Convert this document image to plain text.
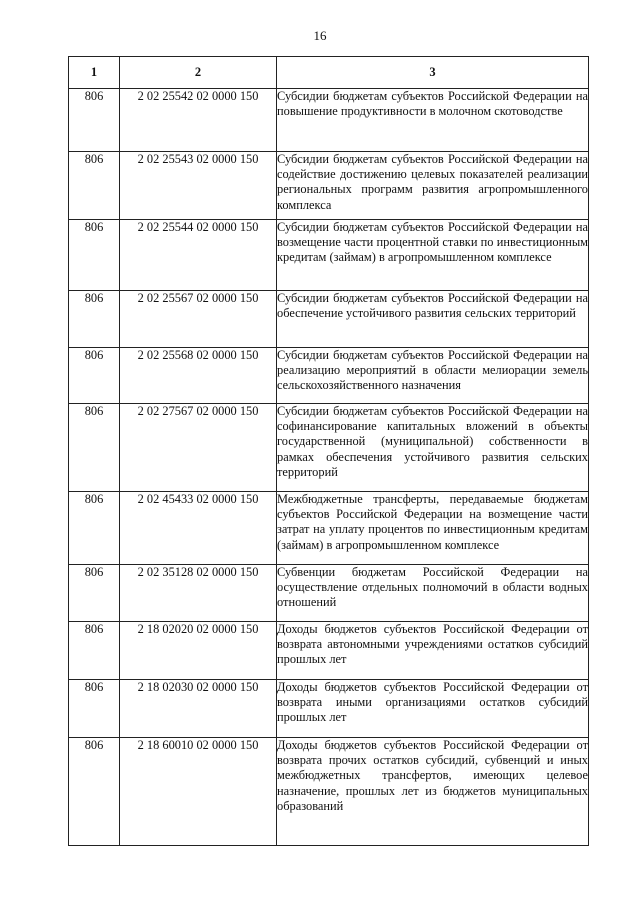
16
1	2	3
806	2 02 25542 02 0000 150	Субсидии бюджетам субъектов Российской Федерации на повышение продуктивности в молочном скотоводстве
806	2 02 25543 02 0000 150	Субсидии бюджетам субъектов Российской Федерации на содействие достижению целевых показателей реализации региональных программ развития агропромышленного комплекса
806	2 02 25544 02 0000 150	Субсидии бюджетам субъектов Российской Федерации на возмещение части процентной ставки по инвестиционным кредитам (займам) в агропромышленном комплексе
806	2 02 25567 02 0000 150	Субсидии бюджетам субъектов Российской Федерации на обеспечение устойчивого развития сельских территорий
806	2 02 25568 02 0000 150	Субсидии бюджетам субъектов Российской Федерации на реализацию мероприятий в области мелиорации земель сельскохозяйственного назначения
806	2 02 27567 02 0000 150	Субсидии бюджетам субъектов Российской Федерации на софинансирование капитальных вложений в объекты государственной (муниципальной) собственности в рамках обеспечения устойчивого развития сельских территорий
806	2 02 45433 02 0000 150	Межбюджетные трансферты, передаваемые бюджетам субъектов Российской Федерации на возмещение части затрат на уплату процентов по инвестиционным кредитам (займам) в агропромышленном комплексе
806	2 02 35128 02 0000 150	Субвенции бюджетам Российской Федерации на осуществление отдельных полномочий в области водных отношений
806	2 18 02020 02 0000 150	Доходы бюджетов субъектов Российской Федерации от возврата автономными учреждениями остатков субсидий прошлых лет
806	2 18 02030 02 0000 150	Доходы бюджетов субъектов Российской Федерации от возврата иными организациями остатков субсидий прошлых лет
806	2 18 60010 02 0000 150	Доходы бюджетов субъектов Российской Федерации от возврата прочих остатков субсидий, субвенций и иных межбюджетных трансфертов, имеющих целевое назначение, прошлых лет из бюджетов муниципальных образований
